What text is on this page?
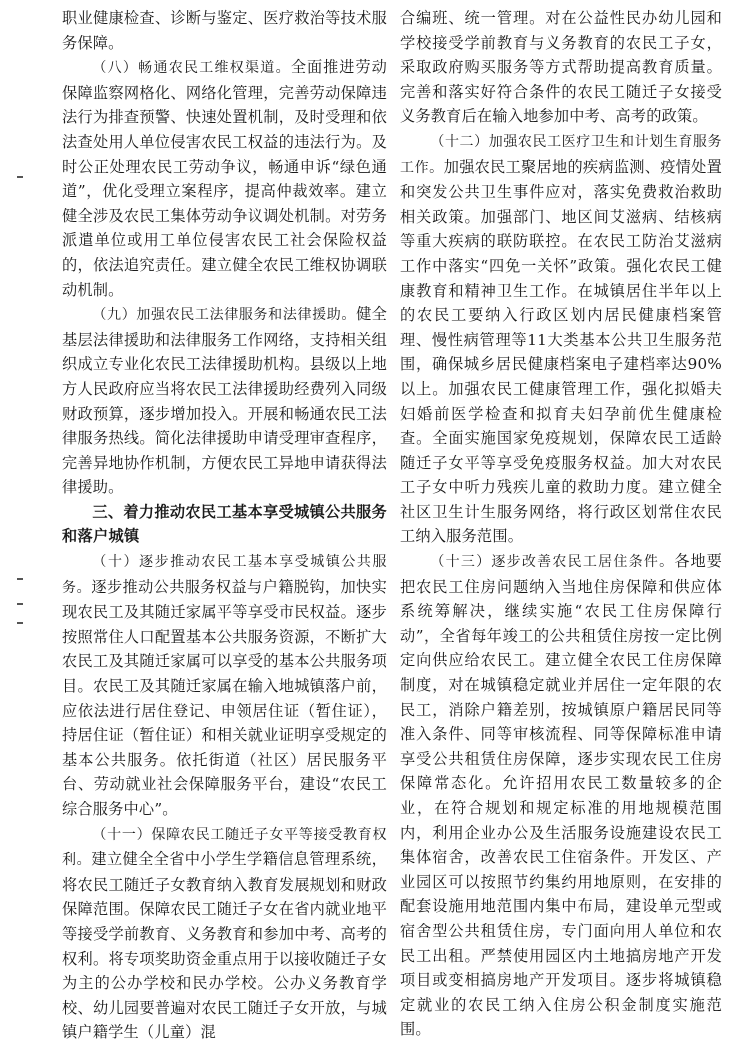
职业健康检查、诊断与鉴定、医疗救治等技术服务保障。

（八）畅通农民工维权渠道。全面推进劳动保障监察网格化、网络化管理，完善劳动保障违法行为排查预警、快速处置机制，及时受理和依法查处用人单位侵害农民工权益的违法行为。及时公正处理农民工劳动争议，畅通申诉“绿色通道”，优化受理立案程序，提高仲裁效率。建立健全涉及农民工集体劳动争议调处机制。对劳务派遣单位或用工单位侵害农民工社会保险权益的，依法追究责任。建立健全农民工维权协调联动机制。

（九）加强农民工法律服务和法律援助。健全基层法律援助和法律服务工作网络，支持相关组织成立专业化农民工法律援助机构。县级以上地方人民政府应当将农民工法律援助经费列入同级财政预算，逐步增加投入。开展和畅通农民工法律服务热线。简化法律援助申请受理审查程序，完善异地协作机制，方便农民工异地申请获得法律援助。

三、着力推动农民工基本享受城镇公共服务和落户城镇

（十）逐步推动农民工基本享受城镇公共服务。逐步推动公共服务权益与户籍脱钩，加快实现农民工及其随迁家属平等享受市民权益。逐步按照常住人口配置基本公共服务资源，不断扩大农民工及其随迁家属可以享受的基本公共服务项目。农民工及其随迁家属在输入地城镇落户前，应依法进行居住登记、申领居住证（暂住证），持居住证（暂住证）和相关就业证明享受规定的基本公共服务。依托街道（社区）居民服务平台、劳动就业社会保障服务平台，建设“农民工综合服务中心”。

（十一）保障农民工随迁子女平等接受教育权利。建立健全全省中小学生学籍信息管理系统，将农民工随迁子女教育纳入教育发展规划和财政保障范围。保障农民工随迁子女在省内就业地平等接受学前教育、义务教育和参加中考、高考的权利。将专项奖助资金重点用于以接收随迁子女为主的公办学校和民办学校。公办义务教育学校、幼儿园要普遍对农民工随迁子女开放，与城镇户籍学生（儿童）混

合编班、统一管理。对在公益性民办幼儿园和学校接受学前教育与义务教育的农民工子女，采取政府购买服务等方式帮助提高教育质量。完善和落实好符合条件的农民工随迁子女接受义务教育后在输入地参加中考、高考的政策。

（十二）加强农民工医疗卫生和计划生育服务工作。加强农民工聚居地的疾病监测、疫情处置和突发公共卫生事件应对，落实免费救治救助相关政策。加强部门、地区间艾滋病、结核病等重大疾病的联防联控。在农民工防治艾滋病工作中落实“四免一关怀”政策。强化农民工健康教育和精神卫生工作。在城镇居住半年以上的农民工要纳入行政区划内居民健康档案管理、慢性病管理等11大类基本公共卫生服务范围，确保城乡居民健康档案电子建档率达90%以上。加强农民工健康管理工作，强化拟婚夫妇婚前医学检查和拟育夫妇孕前优生健康检查。全面实施国家免疫规划，保障农民工适龄随迁子女平等享受免疫服务权益。加大对农民工子女中听力残疾儿童的救助力度。建立健全社区卫生计生服务网络，将行政区划常住农民工纳入服务范围。

（十三）逐步改善农民工居住条件。各地要把农民工住房问题纳入当地住房保障和供应体系统筹解决，继续实施“农民工住房保障行动”，全省每年竣工的公共租赁住房按一定比例定向供应给农民工。建立健全农民工住房保障制度，对在城镇稳定就业并居住一定年限的农民工，消除户籍差别，按城镇原户籍居民同等准入条件、同等审核流程、同等保障标准申请享受公共租赁住房保障，逐步实现农民工住房保障常态化。允许招用农民工数量较多的企业，在符合规划和规定标准的用地规模范围内，利用企业办公及生活服务设施建设农民工集体宿舍，改善农民工住宿条件。开发区、产业园区可以按照节约集约用地原则，在安排的配套设施用地范围内集中布局，建设单元型或宿舍型公共租赁住房，专门面向用人单位和农民工出租。严禁使用园区内土地搞房地产开发项目或变相搞房地产开发项目。逐步将城镇稳定就业的农民工纳入住房公积金制度实施范围。
